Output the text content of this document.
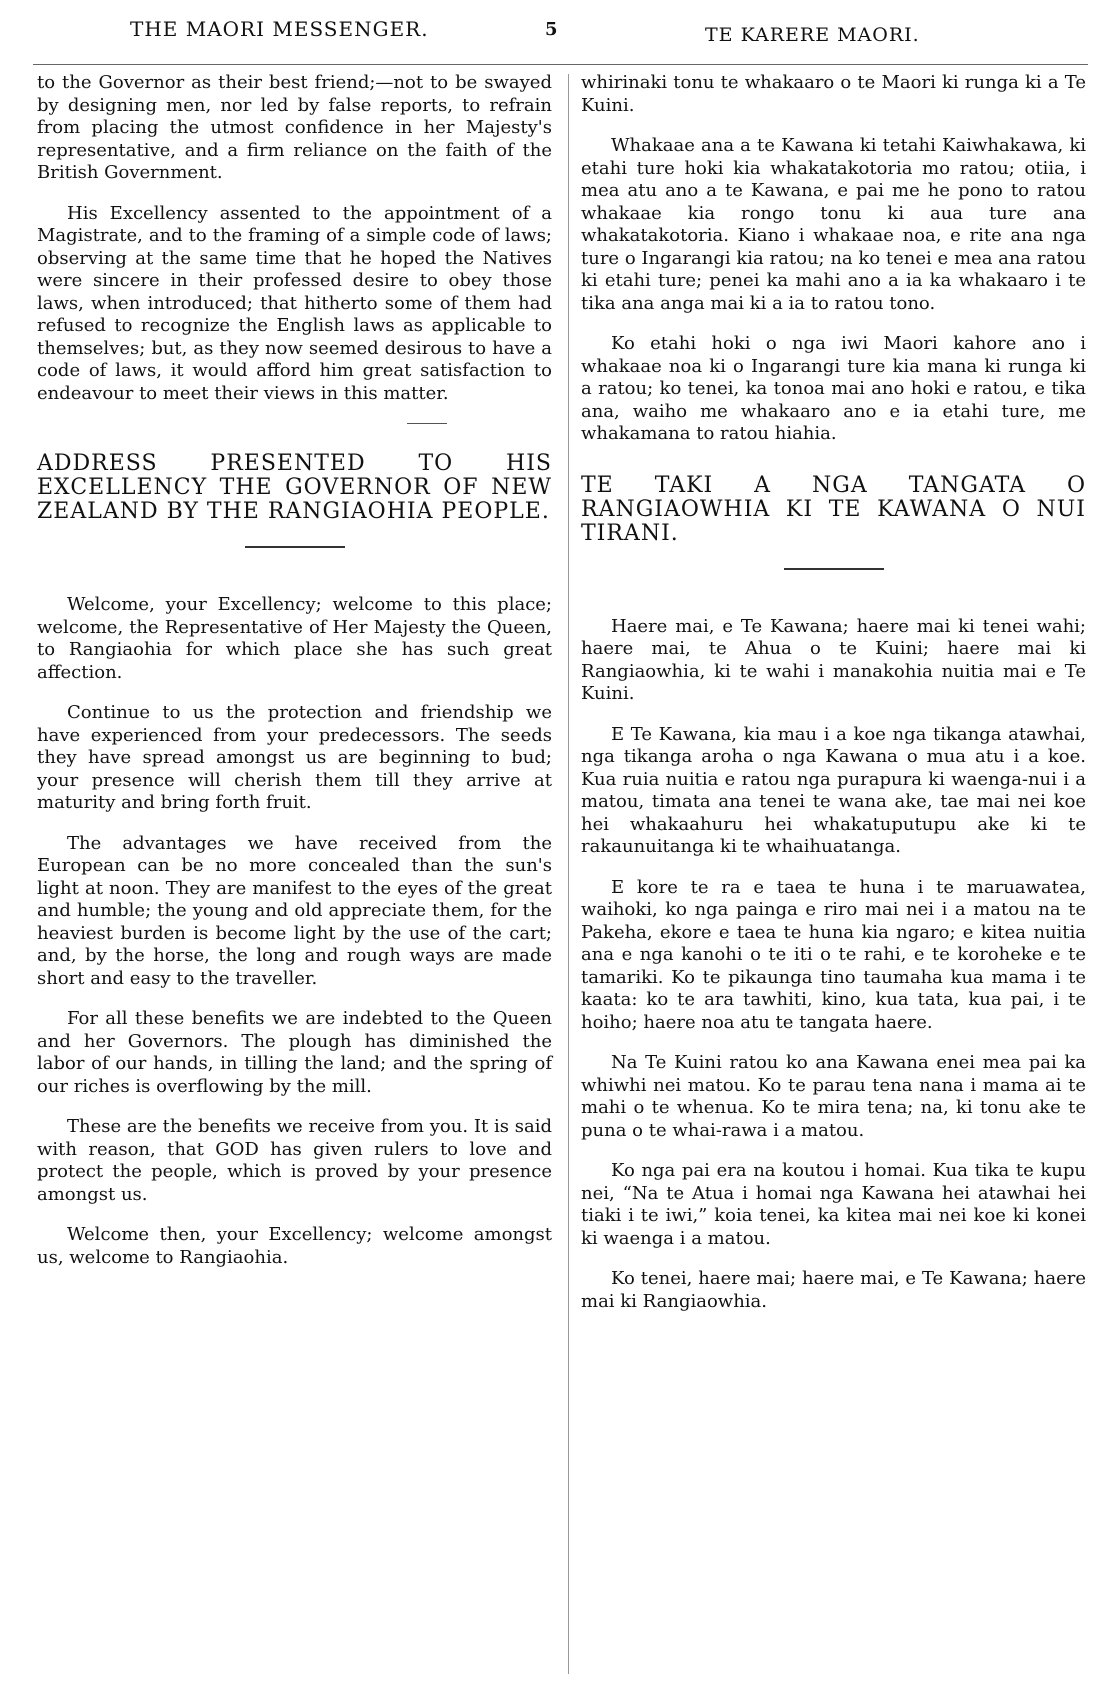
THE MAORI MESSENGER.	5	TE KARERE MAORI.

to the Governor as their best friend;—not to be swayed by designing men, nor led by false reports, to refrain from placing the utmost confidence in her Majesty's representative, and a firm reliance on the faith of the British Government.

His Excellency assented to the appointment of a Magistrate, and to the framing of a simple code of laws; observing at the same time that he hoped the Natives were sincere in their professed desire to obey those laws, when introduced; that hitherto some of them had refused to recognize the English laws as applicable to themselves; but, as they now seemed desirous to have a code of laws, it would afford him great satisfaction to endeavour to meet their views in this matter.

ADDRESS PRESENTED TO HIS EXCELLENCY THE GOVERNOR OF NEW ZEALAND BY THE RANGIAOHIA PEOPLE.

Welcome, your Excellency; welcome to this place; welcome, the Representative of Her Majesty the Queen, to Rangiaohia for which place she has such great affection.

Continue to us the protection and friendship we have experienced from your predecessors. The seeds they have spread amongst us are beginning to bud; your presence will cherish them till they arrive at maturity and bring forth fruit.

The advantages we have received from the European can be no more concealed than the sun's light at noon. They are manifest to the eyes of the great and humble; the young and old appreciate them, for the heaviest burden is become light by the use of the cart; and, by the horse, the long and rough ways are made short and easy to the traveller.

For all these benefits we are indebted to the Queen and her Governors. The plough has diminished the labor of our hands, in tilling the land; and the spring of our riches is overflowing by the mill.

These are the benefits we receive from you. It is said with reason, that GOD has given rulers to love and protect the people, which is proved by your presence amongst us.

Welcome then, your Excellency; welcome amongst us, welcome to Rangiaohia.

whirinaki tonu te whakaaro o te Maori ki runga ki a Te Kuini.

Whakaae ana a te Kawana ki tetahi Kaiwhakawa, ki etahi ture hoki kia whakatakotoria mo ratou; otiia, i mea atu ano a te Kawana, e pai me he pono to ratou whakaae kia rongo tonu ki aua ture ana whakatakotoria. Kiano i whakaae noa, e rite ana nga ture o Ingarangi kia ratou; na ko tenei e mea ana ratou ki etahi ture; penei ka mahi ano a ia ka whakaaro i te tika ana anga mai ki a ia to ratou tono.

Ko etahi hoki o nga iwi Maori kahore ano i whakaae noa ki o Ingarangi ture kia mana ki runga ki a ratou; ko tenei, ka tonoa mai ano hoki e ratou, e tika ana, waiho me whakaaro ano e ia etahi ture, me whakamana to ratou hiahia.

TE TAKI A NGA TANGATA O RANGIAOWHIA KI TE KAWANA O NUI TIRANI.

Haere mai, e Te Kawana; haere mai ki tenei wahi; haere mai, te Ahua o te Kuini; haere mai ki Rangiaowhia, ki te wahi i manakohia nuitia mai e Te Kuini.

E Te Kawana, kia mau i a koe nga tikanga atawhai, nga tikanga aroha o nga Kawana o mua atu i a koe. Kua ruia nuitia e ratou nga purapura ki waenga-nui i a matou, timata ana tenei te wana ake, tae mai nei koe hei whakaahuru hei whakatuputupu ake ki te rakaunuitanga ki te whaihuatanga.

E kore te ra e taea te huna i te maruawatea, waihoki, ko nga painga e riro mai nei i a matou na te Pakeha, ekore e taea te huna kia ngaro; e kitea nuitia ana e nga kanohi o te iti o te rahi, e te koroheke e te tamariki. Ko te pikaunga tino taumaha kua mama i te kaata: ko te ara tawhiti, kino, kua tata, kua pai, i te hoiho; haere noa atu te tangata haere.

Na Te Kuini ratou ko ana Kawana enei mea pai ka whiwhi nei matou. Ko te parau tena nana i mama ai te mahi o te whenua. Ko te mira tena; na, ki tonu ake te puna o te whai-rawa i a matou.

Ko nga pai era na koutou i homai. Kua tika te kupu nei, “Na te Atua i homai nga Kawana hei atawhai hei tiaki i te iwi,” koia tenei, ka kitea mai nei koe ki konei ki waenga i a matou.

Ko tenei, haere mai; haere mai, e Te Kawana; haere mai ki Rangiaowhia.
